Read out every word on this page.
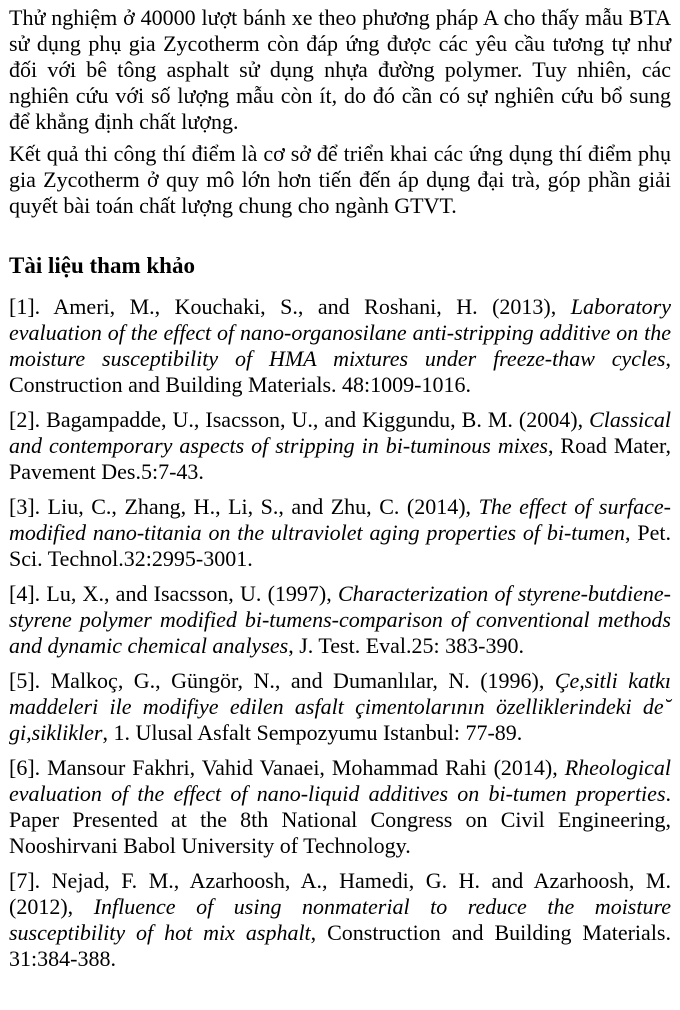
Thử nghiệm ở 40000 lượt bánh xe theo phương pháp A cho thấy mẫu BTA sử dụng phụ gia Zycotherm còn đáp ứng được các yêu cầu tương tự như đối với bê tông asphalt sử dụng nhựa đường polymer. Tuy nhiên, các nghiên cứu với số lượng mẫu còn ít, do đó cần có sự nghiên cứu bổ sung để khẳng định chất lượng.

Kết quả thi công thí điểm là cơ sở để triển khai các ứng dụng thí điểm phụ gia Zycotherm ở quy mô lớn hơn tiến đến áp dụng đại trà, góp phần giải quyết bài toán chất lượng chung cho ngành GTVT.

Tài liệu tham khảo

[1]. Ameri, M., Kouchaki, S., and Roshani, H. (2013), Laboratory evaluation of the effect of nano-organosilane anti-stripping additive on the moisture susceptibility of HMA mixtures under freeze-thaw cycles, Construction and Building Materials. 48:1009-1016.

[2]. Bagampadde, U., Isacsson, U., and Kiggundu, B. M. (2004), Classical and contemporary aspects of stripping in bi-tuminous mixes, Road Mater, Pavement Des.5:7-43.

[3]. Liu, C., Zhang, H., Li, S., and Zhu, C. (2014), The effect of surface-modified nano-titania on the ultraviolet aging properties of bi-tumen, Pet. Sci. Technol.32:2995-3001.

[4]. Lu, X., and Isacsson, U. (1997), Characterization of styrene-butdiene-styrene polymer modified bi-tumens-comparison of conventional methods and dynamic chemical analyses, J. Test. Eval.25: 383-390.

[5]. Malkoç, G., Güngör, N., and Dumanlılar, N. (1996), Çe,sitli katkı maddeleri ile modifiye edilen asfalt çimentolarının özelliklerindeki de˘ gi,siklikler, 1. Ulusal Asfalt Sempozyumu Istanbul: 77-89.

[6]. Mansour Fakhri, Vahid Vanaei, Mohammad Rahi (2014), Rheological evaluation of the effect of nano-liquid additives on bi-tumen properties. Paper Presented at the 8th National Congress on Civil Engineering, Nooshirvani Babol University of Technology.

[7]. Nejad, F. M., Azarhoosh, A., Hamedi, G. H. and Azarhoosh, M. (2012), Influence of using nonmaterial to reduce the moisture susceptibility of hot mix asphalt, Construction and Building Materials. 31:384-388.
